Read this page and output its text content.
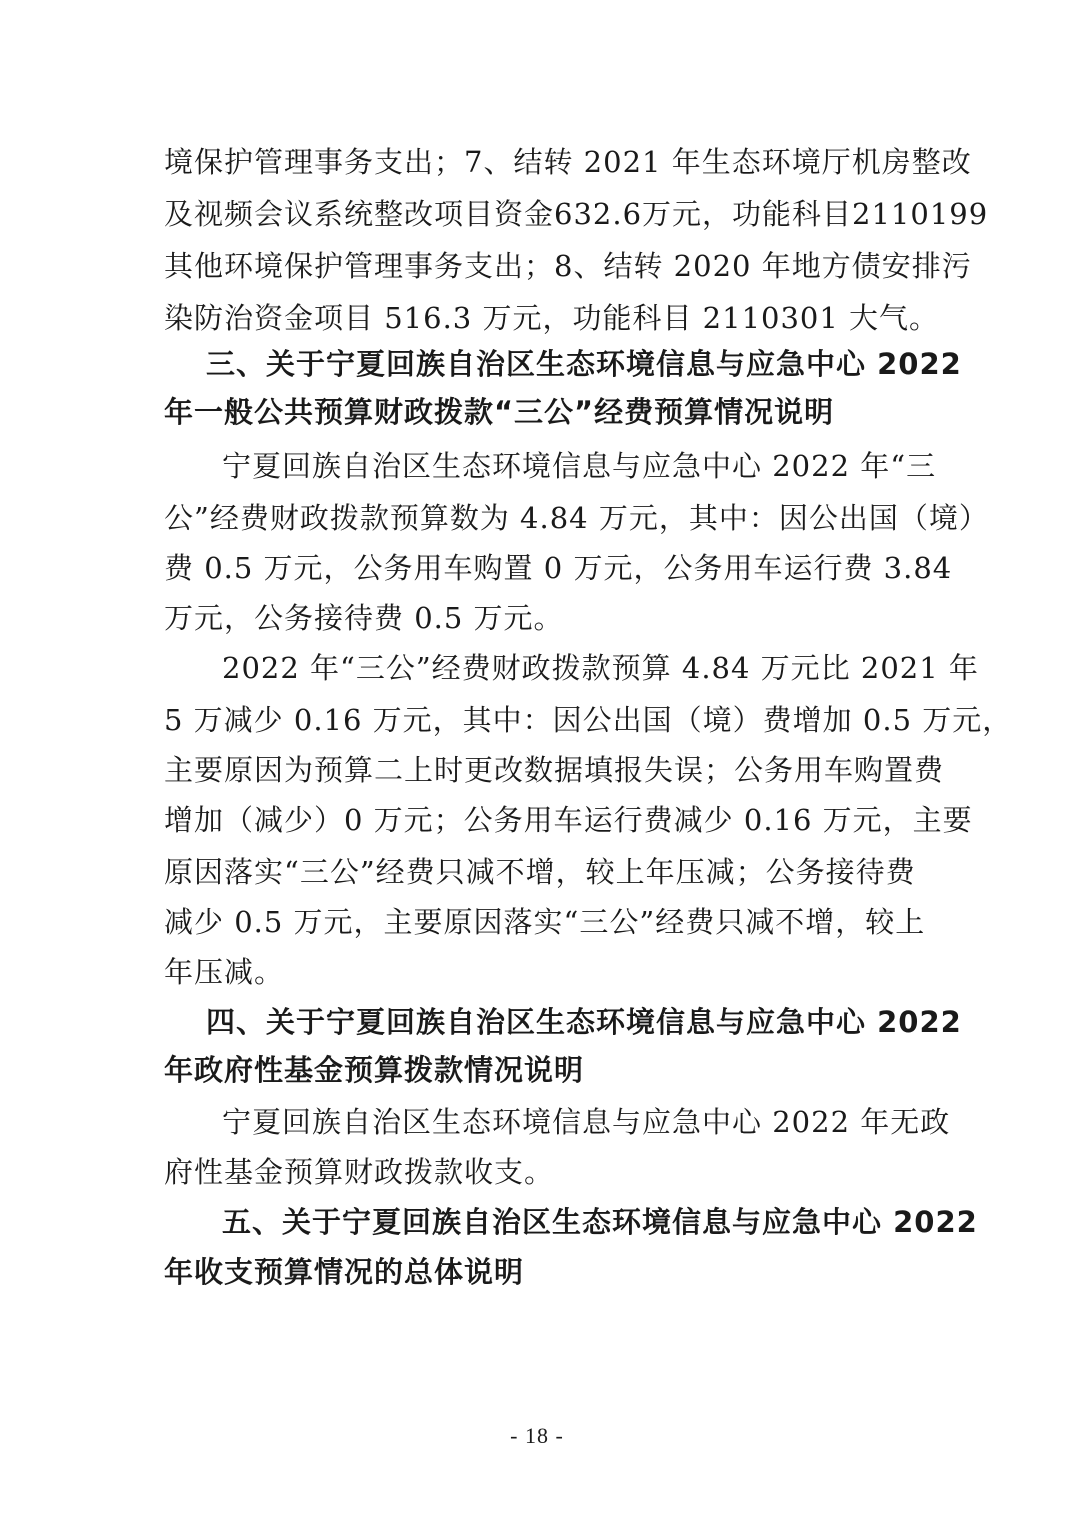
境保护管理事务支出；7、结转 2021 年生态环境厅机房整改
及视频会议系统整改项目资金632.6万元，功能科目2110199
其他环境保护管理事务支出；8、结转 2020 年地方债安排污
染防治资金项目 516.3 万元，功能科目 2110301 大气。
三、关于宁夏回族自治区生态环境信息与应急中心 2022
年一般公共预算财政拨款“三公”经费预算情况说明
宁夏回族自治区生态环境信息与应急中心 2022 年“三
公”经费财政拨款预算数为 4.84 万元，其中：因公出国（境）
费 0.5 万元，公务用车购置 0 万元，公务用车运行费 3.84
万元，公务接待费 0.5 万元。
2022 年“三公”经费财政拨款预算 4.84 万元比 2021 年
5 万减少 0.16 万元，其中：因公出国（境）费增加 0.5 万元，
主要原因为预算二上时更改数据填报失误；公务用车购置费
增加（减少）0 万元；公务用车运行费减少 0.16 万元，主要
原因落实“三公”经费只减不增，较上年压减；公务接待费
减少 0.5 万元，主要原因落实“三公”经费只减不增，较上
年压减。
四、关于宁夏回族自治区生态环境信息与应急中心 2022
年政府性基金预算拨款情况说明
宁夏回族自治区生态环境信息与应急中心 2022 年无政
府性基金预算财政拨款收支。
五、关于宁夏回族自治区生态环境信息与应急中心 2022
年收支预算情况的总体说明
- 18 -
